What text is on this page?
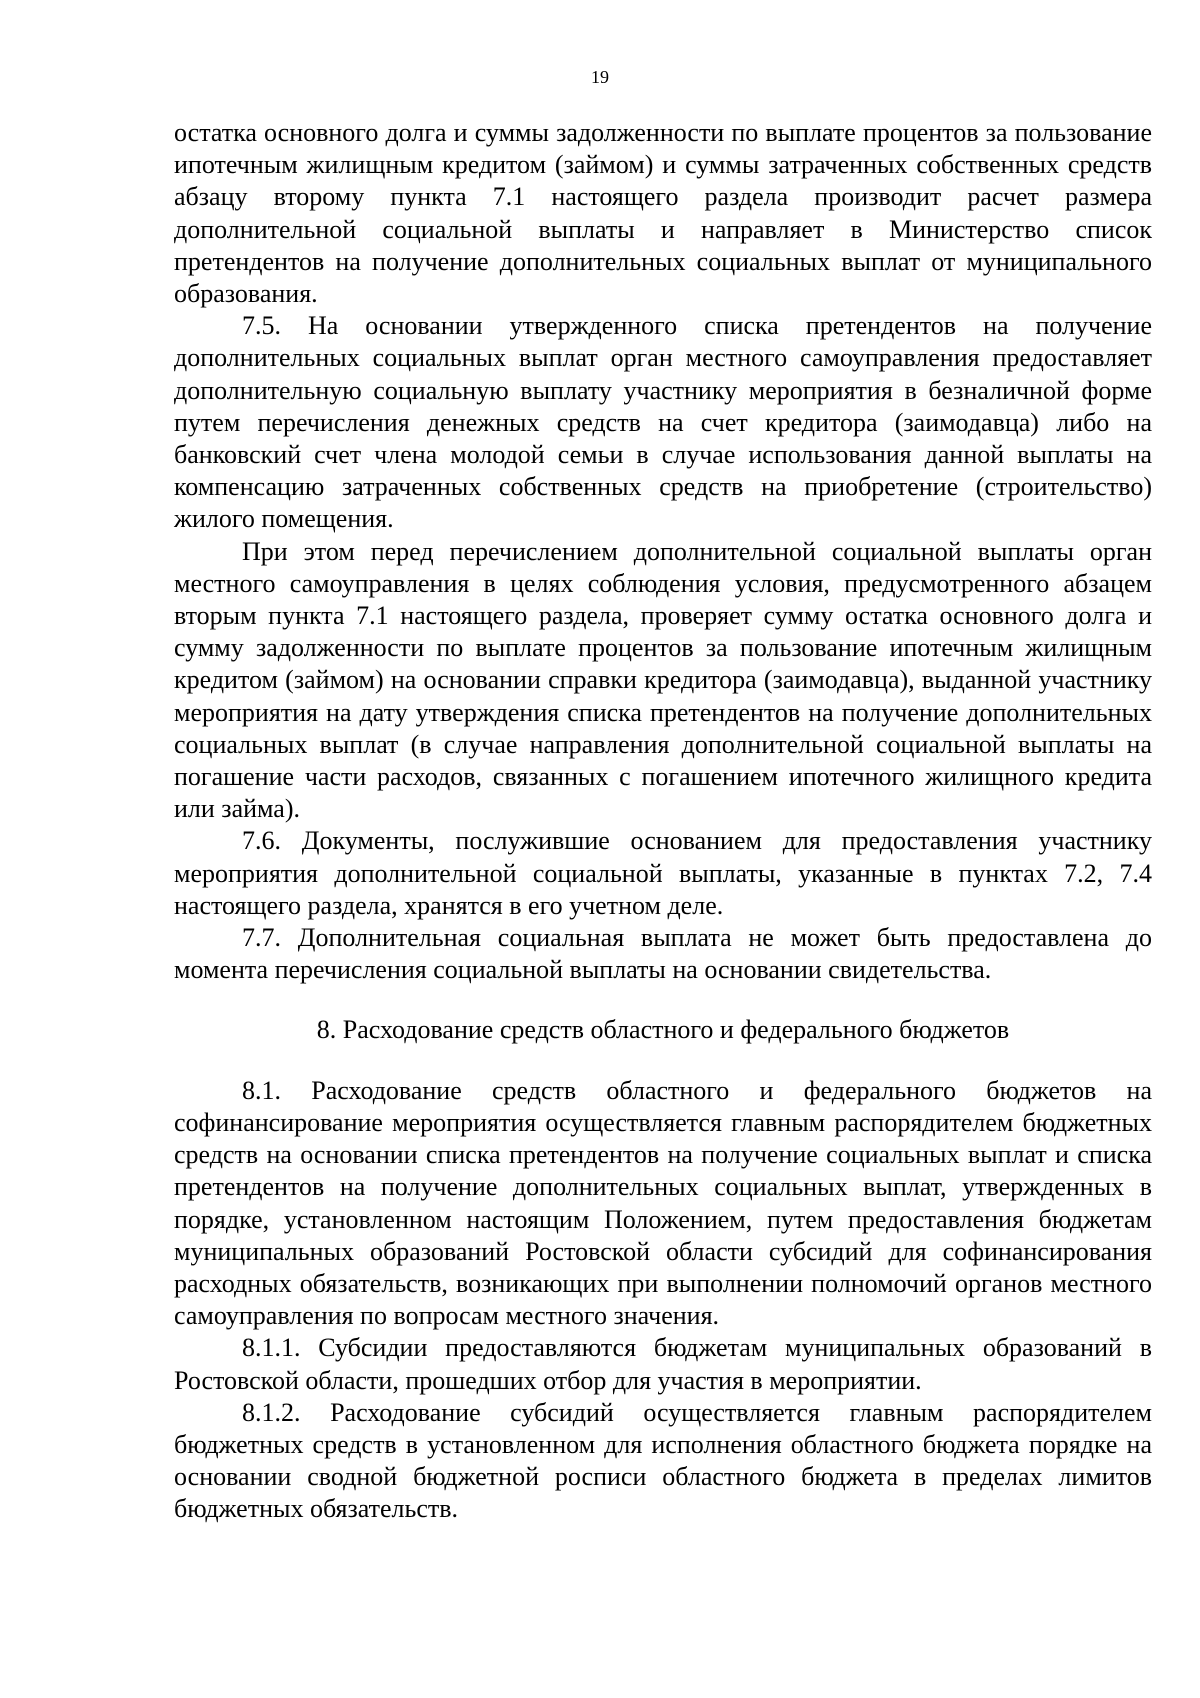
19

остатка основного долга и суммы задолженности по выплате процентов за пользование ипотечным жилищным кредитом (займом) и суммы затраченных собственных средств абзацу второму пункта 7.1 настоящего раздела производит расчет размера дополнительной социальной выплаты и направляет в Министерство список претендентов на получение дополнительных социальных выплат от муниципального образования.

7.5. На основании утвержденного списка претендентов на получение дополнительных социальных выплат орган местного самоуправления предоставляет дополнительную социальную выплату участнику мероприятия в безналичной форме путем перечисления денежных средств на счет кредитора (заимодавца) либо на банковский счет члена молодой семьи в случае использования данной выплаты на компенсацию затраченных собственных средств на приобретение (строительство) жилого помещения.

При этом перед перечислением дополнительной социальной выплаты орган местного самоуправления в целях соблюдения условия, предусмотренного абзацем вторым пункта 7.1 настоящего раздела, проверяет сумму остатка основного долга и сумму задолженности по выплате процентов за пользование ипотечным жилищным кредитом (займом) на основании справки кредитора (заимодавца), выданной участнику мероприятия на дату утверждения списка претендентов на получение дополнительных социальных выплат (в случае направления дополнительной социальной выплаты на погашение части расходов, связанных с погашением ипотечного жилищного кредита или займа).

7.6. Документы, послужившие основанием для предоставления участнику мероприятия дополнительной социальной выплаты, указанные в пунктах 7.2, 7.4 настоящего раздела, хранятся в его учетном деле.

7.7. Дополнительная социальная выплата не может быть предоставлена до момента перечисления социальной выплаты на основании свидетельства.

8. Расходование средств областного и федерального бюджетов

8.1. Расходование средств областного и федерального бюджетов на софинансирование мероприятия осуществляется главным распорядителем бюджетных средств на основании списка претендентов на получение социальных выплат и списка претендентов на получение дополнительных социальных выплат, утвержденных в порядке, установленном настоящим Положением, путем предоставления бюджетам муниципальных образований Ростовской области субсидий для софинансирования расходных обязательств, возникающих при выполнении полномочий органов местного самоуправления по вопросам местного значения.

8.1.1. Субсидии предоставляются бюджетам муниципальных образований в Ростовской области, прошедших отбор для участия в мероприятии.

8.1.2. Расходование субсидий осуществляется главным распорядителем бюджетных средств в установленном для исполнения областного бюджета порядке на основании сводной бюджетной росписи областного бюджета в пределах лимитов бюджетных обязательств.
